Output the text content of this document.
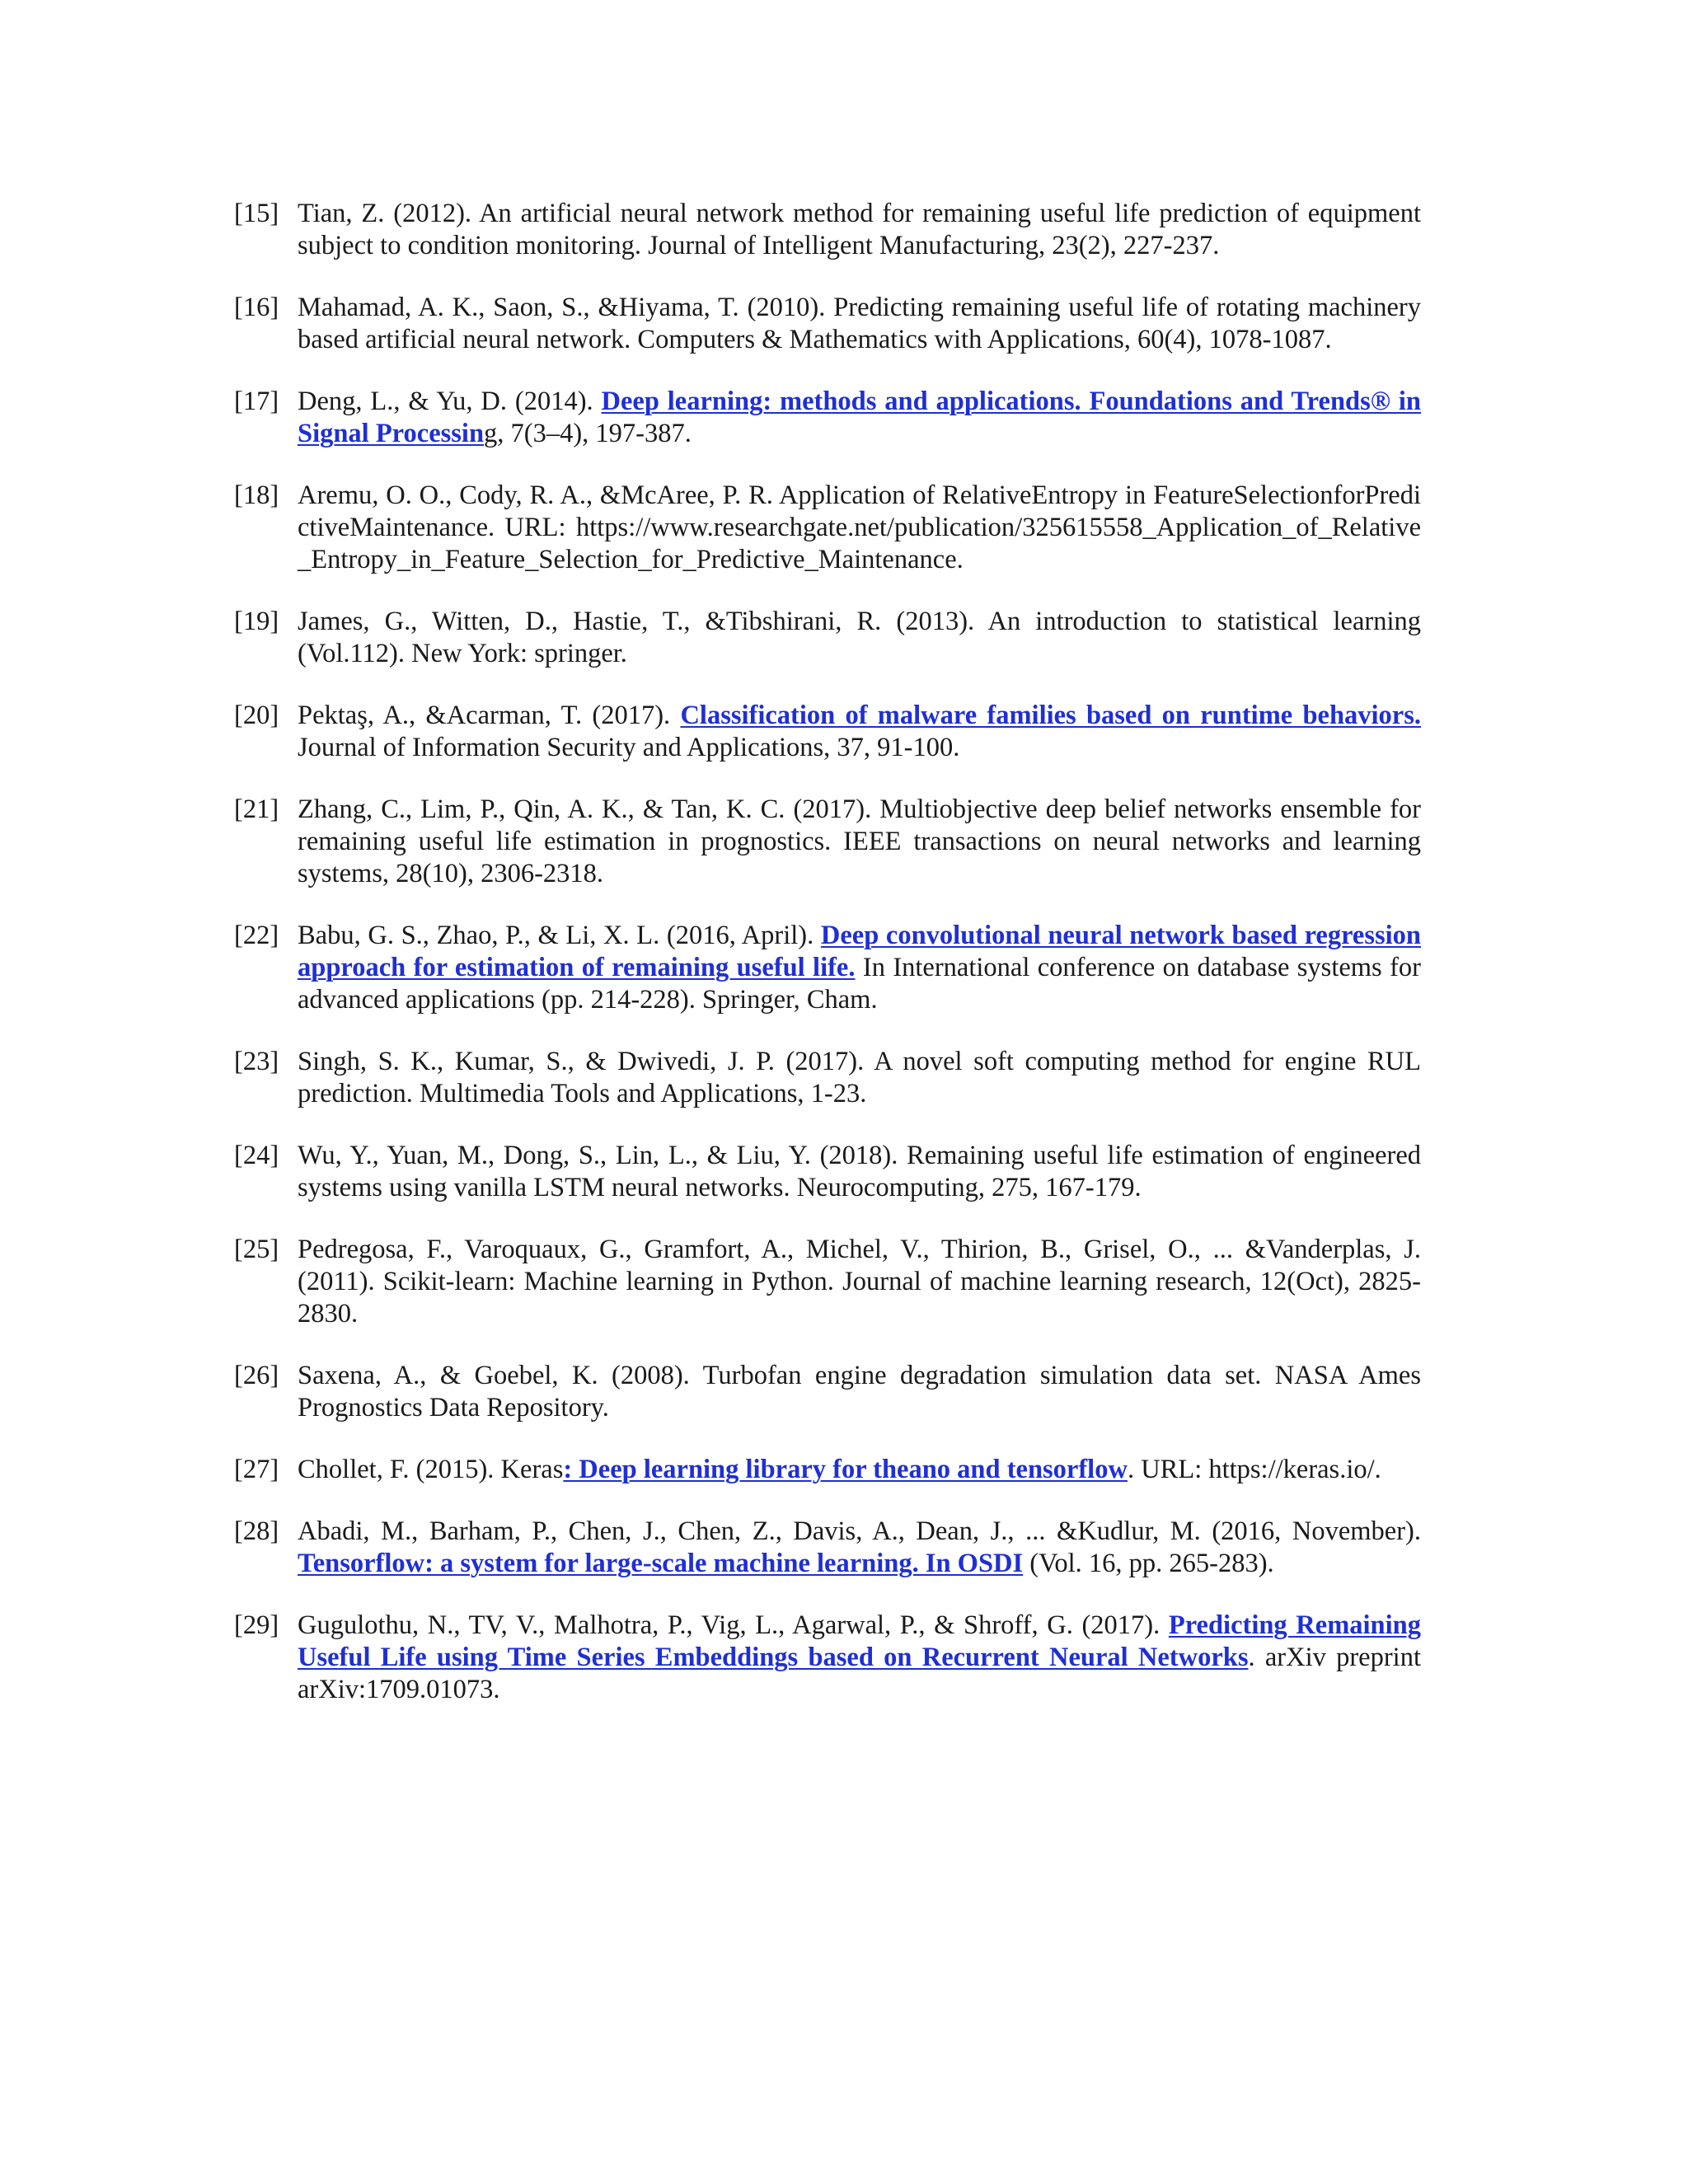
[15] Tian, Z. (2012). An artificial neural network method for remaining useful life prediction of equipment subject to condition monitoring. Journal of Intelligent Manufacturing, 23(2), 227-237.
[16] Mahamad, A. K., Saon, S., &Hiyama, T. (2010). Predicting remaining useful life of rotating machinery based artificial neural network. Computers & Mathematics with Applications, 60(4), 1078-1087.
[17] Deng, L., & Yu, D. (2014). Deep learning: methods and applications. Foundations and Trends® in Signal Processing, 7(3–4), 197-387.
[18] Aremu, O. O., Cody, R. A., &McAree, P. R. Application of RelativeEntropy in FeatureSelectionforPredictiveMaintenance. URL: https://www.researchgate.net/publication/325615558_Application_of_Relative_Entropy_in_Feature_Selection_for_Predictive_Maintenance.
[19] James, G., Witten, D., Hastie, T., &Tibshirani, R. (2013). An introduction to statistical learning (Vol.112). New York: springer.
[20] Pektaş, A., &Acarman, T. (2017). Classification of malware families based on runtime behaviors. Journal of Information Security and Applications, 37, 91-100.
[21] Zhang, C., Lim, P., Qin, A. K., & Tan, K. C. (2017). Multiobjective deep belief networks ensemble for remaining useful life estimation in prognostics. IEEE transactions on neural networks and learning systems, 28(10), 2306-2318.
[22] Babu, G. S., Zhao, P., & Li, X. L. (2016, April). Deep convolutional neural network based regression approach for estimation of remaining useful life. In International conference on database systems for advanced applications (pp. 214-228). Springer, Cham.
[23] Singh, S. K., Kumar, S., & Dwivedi, J. P. (2017). A novel soft computing method for engine RUL prediction. Multimedia Tools and Applications, 1-23.
[24] Wu, Y., Yuan, M., Dong, S., Lin, L., & Liu, Y. (2018). Remaining useful life estimation of engineered systems using vanilla LSTM neural networks. Neurocomputing, 275, 167-179.
[25] Pedregosa, F., Varoquaux, G., Gramfort, A., Michel, V., Thirion, B., Grisel, O., ... &Vanderplas, J. (2011). Scikit-learn: Machine learning in Python. Journal of machine learning research, 12(Oct), 2825-2830.
[26] Saxena, A., & Goebel, K. (2008). Turbofan engine degradation simulation data set. NASA Ames Prognostics Data Repository.
[27] Chollet, F. (2015). Keras: Deep learning library for theano and tensorflow. URL: https://keras.io/.
[28] Abadi, M., Barham, P., Chen, J., Chen, Z., Davis, A., Dean, J., ... &Kudlur, M. (2016, November). Tensorflow: a system for large-scale machine learning. In OSDI (Vol. 16, pp. 265-283).
[29] Gugulothu, N., TV, V., Malhotra, P., Vig, L., Agarwal, P., & Shroff, G. (2017). Predicting Remaining Useful Life using Time Series Embeddings based on Recurrent Neural Networks. arXiv preprint arXiv:1709.01073.
